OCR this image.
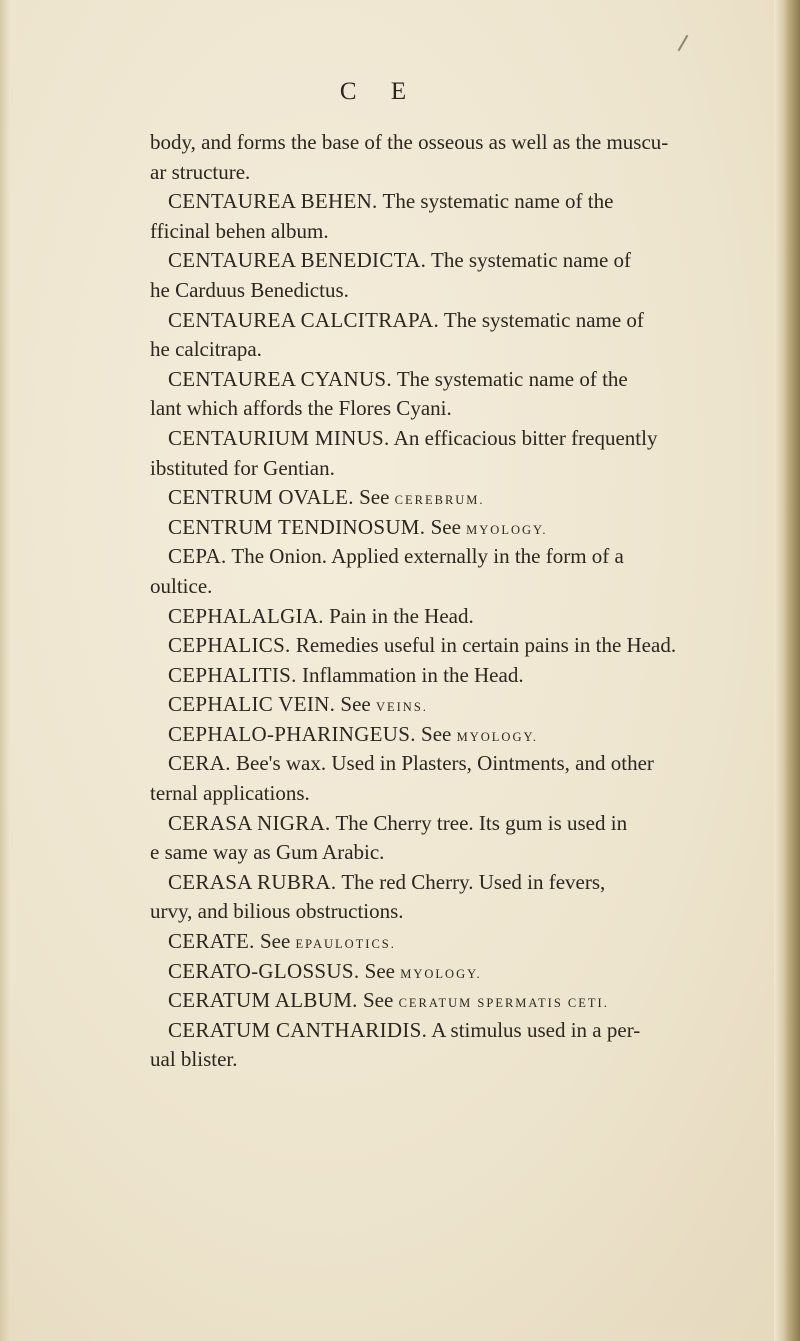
C E
body, and forms the base of the osseous as well as the muscu-
ar structure.
CENTAUREA BEHEN. The systematic name of the
fficinal behen album.
CENTAUREA BENEDICTA. The systematic name of
he Carduus Benedictus.
CENTAUREA CALCITRAPA. The systematic name of
he calcitrapa.
CENTAUREA CYANUS. The systematic name of the
lant which affords the Flores Cyani.
CENTAURIUM MINUS. An efficacious bitter frequently
ibstituted for Gentian.
CENTRUM OVALE. See CEREBRUM.
CENTRUM TENDINOSUM. See MYOLOGY.
CEPA. The Onion. Applied externally in the form of a
oultice.
CEPHALALGIA. Pain in the Head.
CEPHALICS. Remedies useful in certain pains in the Head.
CEPHALITIS. Inflammation in the Head.
CEPHALIC VEIN. See VEINS.
CEPHALO-PHARINGEUS. See MYOLOGY.
CERA. Bee's wax. Used in Plasters, Ointments, and other
ternal applications.
CERASA NIGRA. The Cherry tree. Its gum is used in
e same way as Gum Arabic.
CERASA RUBRA. The red Cherry. Used in fevers,
urvy, and bilious obstructions.
CERATE. See EPAULOTICS.
CERATO-GLOSSUS. See MYOLOGY.
CERATUM ALBUM. See CERATUM SPERMATIS CETI.
CERATUM CANTHARIDIS. A stimulus used in a per-
ual blister.
